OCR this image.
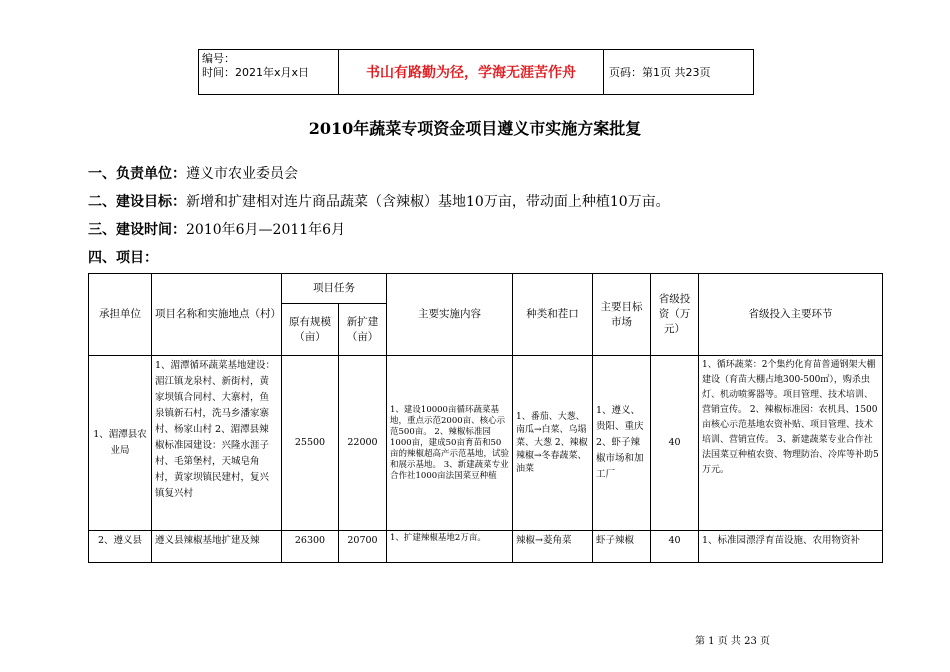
编号：
时间：2021年x月x日	书山有路勤为径，学海无涯苦作舟	页码：第1页 共23页
2010年蔬菜专项资金项目遵义市实施方案批复
一、负责单位：遵义市农业委员会
二、建设目标：新增和扩建相对连片商品蔬菜（含辣椒）基地10万亩，带动面上种植10万亩。
三、建设时间：2010年6月—2011年6月
四、项目：
承担单位	项目名称和实施地点（村）	项目任务		主要实施内容	种类和茬口	主要目标市场	省级投资（万元）	省级投入主要环节
		原有规模（亩）	新扩建（亩）					
1、湄潭县农业局	1、湄潭循环蔬菜基地建设：湄江镇龙泉村、新街村，黄家坝镇合同村、大寨村，鱼泉镇新石村，洗马乡潘家寨村、杨家山村 2、湄潭县辣椒标准园建设：兴隆水涯子村、毛第堡村，天城皂角村，黄家坝镇民建村，复兴镇复兴村	25500	22000	1、建设10000亩循环蔬菜基地，重点示范2000亩、核心示范500亩。 2、辣椒标准园1000亩，建成50亩育苗和50亩的辣椒超高产示范基地，试验和展示基地。 3、新建蔬菜专业合作社1000亩法国菜豆种植	1、番茄、大葱、南瓜→白菜、乌塌菜、大葱 2、辣椒 辣椒→冬春蔬菜、油菜	1、遵义、贵阳、重庆 2、虾子辣椒市场和加工厂	40	1、循环蔬菜：2个集约化育苗普通钢架大棚建设（育苗大棚占地300-500㎡），购杀虫灯、机动喷雾器等。项目管理、技术培训、营销宣传。 2、辣椒标准园：农机具、1500亩核心示范基地农资补贴、项目管理、技术培训、营销宣传。 3、新建蔬菜专业合作社法国菜豆种植农资、物理防治、冷库等补助5万元。
2、遵义县	遵义县辣椒基地扩建及辣	26300	20700	1、扩建辣椒基地2万亩。	辣椒→菱角菜	虾子辣椒	40	1、标准园漂浮育苗设施、农用物资补
第 1 页 共 23 页
